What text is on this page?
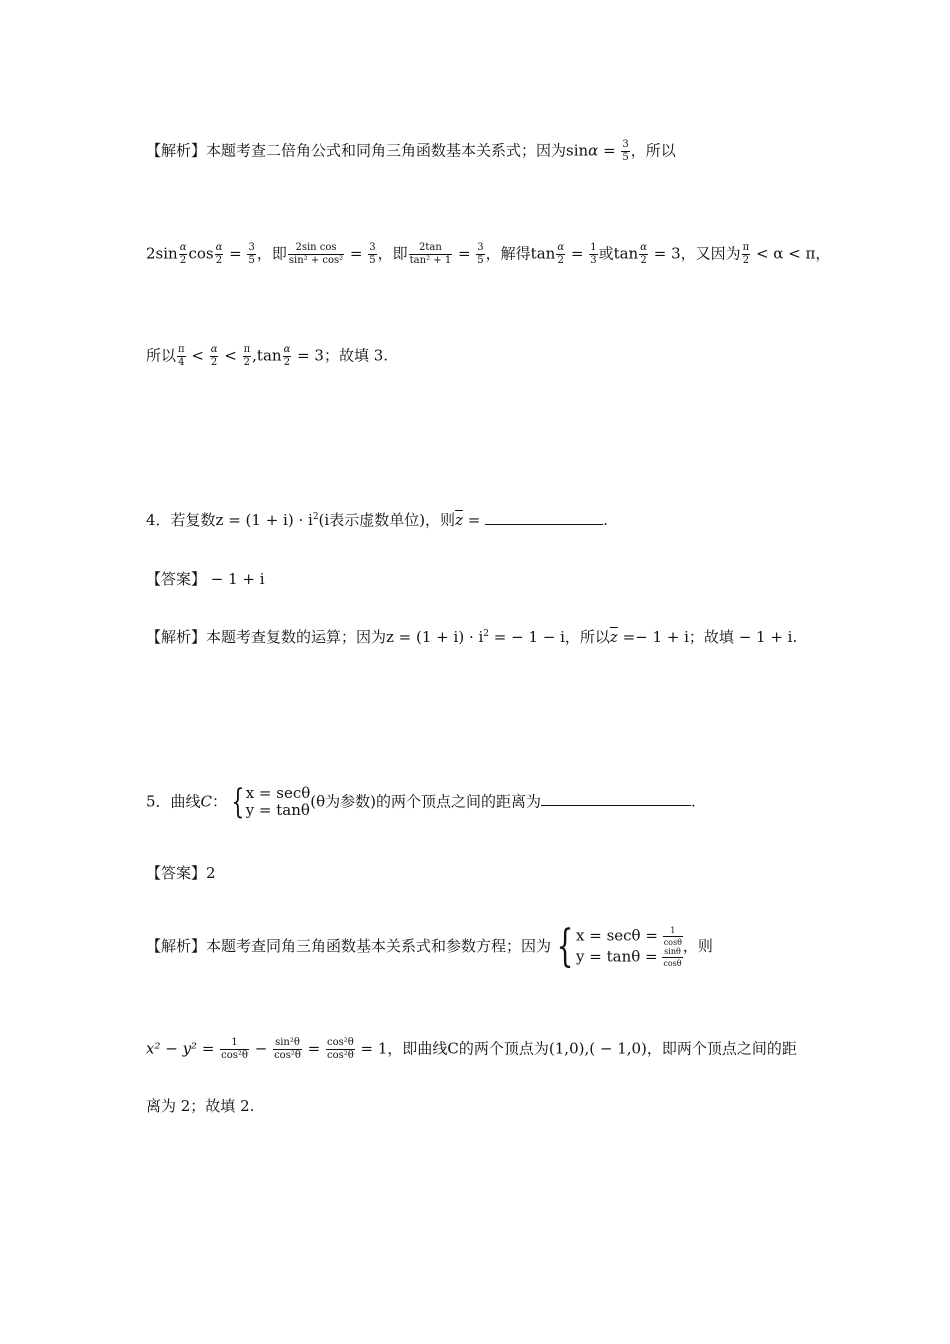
【解析】本题考查二倍角公式和同角三角函数基本关系式；因为$\sin\alpha = \frac{3}{5}$ ，所以
$2\sin \frac{\alpha}{2}$ $\cos \frac{\alpha}{2} = \frac{3}{5}$ ，即 $\frac{\text{2sin cos}}{\text{sin² + cos²}} = \frac{3}{5}$ ，即 $\frac{2\tan}{\text{tan² + 1}} = \frac{3}{5}$ ，解得$\tan \frac{\alpha}{2} = \frac{1}{3}$ 或$\tan \frac{\alpha}{2} = 3$，又因为 $\frac{\pi}{2} < \alpha < \pi$，
所以 $\frac{\pi}{4} < \frac{\alpha}{2} < \frac{\pi}{2} ,\tan \frac{\alpha}{2} = 3$；故填 3.
4．若复数$z = (1 + i) \cdot i^2(i$表示虚数单位)，则$\overline{z}$ =	.
【答案】 − 1 + i
【解析】本题考查复数的运算；因为$z = (1 + i) \cdot i^2$ = − 1 − i，所以$\overline{z} =- 1 + i$；故填 − 1 + i.
5．曲线C： { x = secθ
y = tanθ (θ为参数)的两个顶点之间的距离为	.
【答案】2
【解析】本题考查同角三角函数基本关系式和参数方程；因为 { $x = \sec\theta = \frac{1}{\cos\theta}$
$y = \tan\theta = \frac{\sin\theta}{\cos\theta}$
，则
$x^2 - y^2 = \frac{1}{\text{cos²θ}} - \frac{\text{sin²θ}}{\text{cos²θ}} = \frac{\text{cos²θ}}{\text{cos²θ}} = 1$，即曲线C的两个顶点为(1,0),( − 1,0)，即两个顶点之间的距
离为 2；故填 2.
